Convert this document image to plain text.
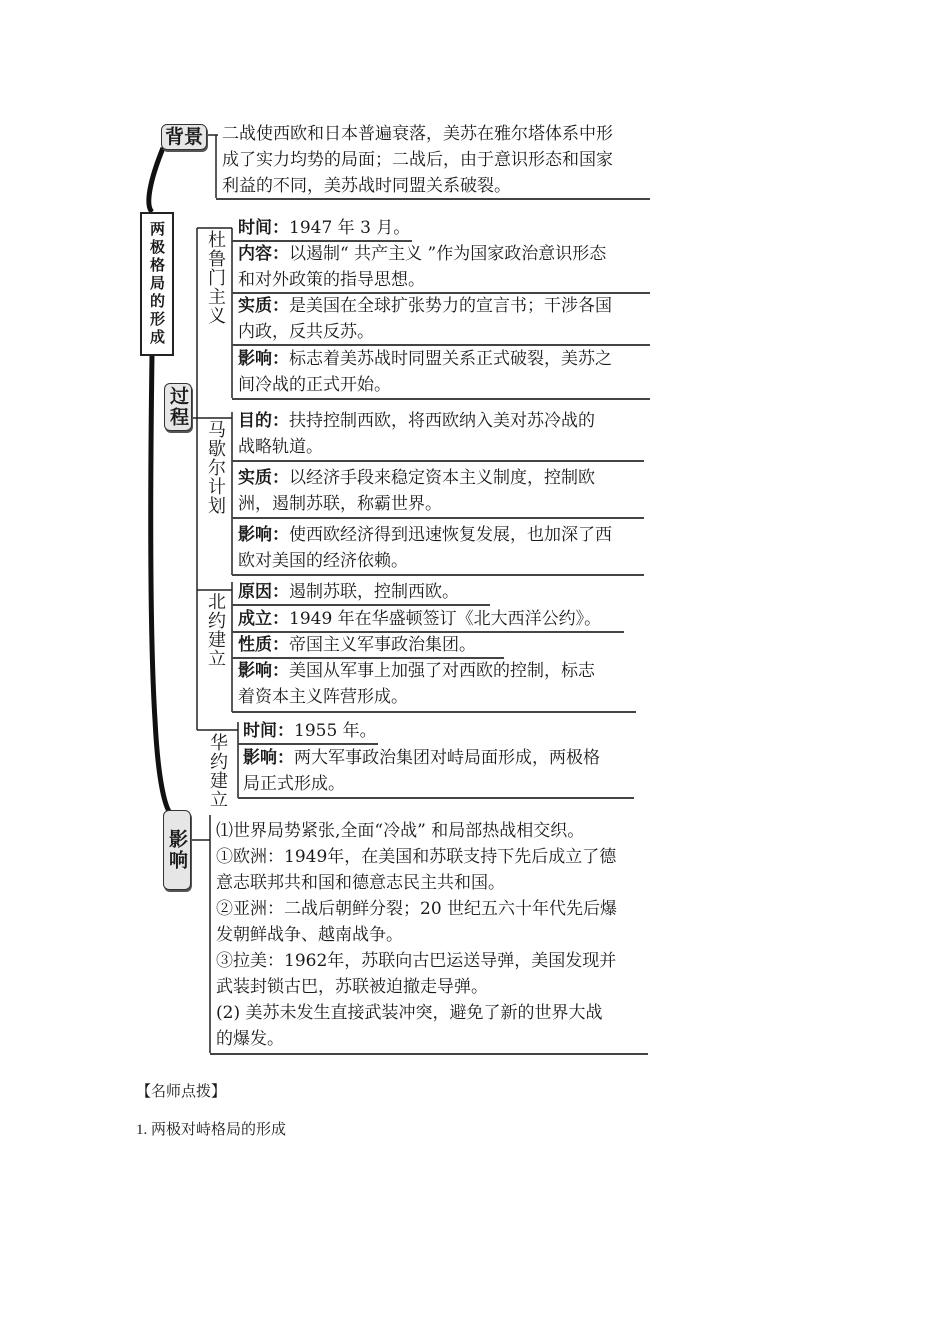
两极格局的形成
背景
过程
影响
二战使西欧和日本普遍衰落，美苏在雅尔塔体系中形
成了实力均势的局面；二战后，由于意识形态和国家
利益的不同，美苏战时同盟关系破裂。
杜鲁门主义
时间：1947 年 3 月。
内容：以遏制“ 共产主义 ”作为国家政治意识形态
和对外政策的指导思想。
实质：是美国在全球扩张势力的宣言书；干涉各国
内政，反共反苏。
影响：标志着美苏战时同盟关系正式破裂，美苏之
间冷战的正式开始。
马歇尔计划 目的：扶持控制西欧，将西欧纳入美对苏冷战的
战略轨道。
实质：以经济手段来稳定资本主义制度，控制欧
洲，遏制苏联，称霸世界。
影响：使西欧经济得到迅速恢复发展，也加深了西
欧对美国的经济依赖。
北约建立 原因：遏制苏联，控制西欧。
成立：1949 年在华盛顿签订《北大西洋公约》。
性质：帝国主义军事政治集团。
影响：美国从军事上加强了对西欧的控制，标志
着资本主义阵营形成。
华约建立
时间：1955 年。
影响：两大军事政治集团对峙局面形成，两极格
局正式形成。
⑴世界局势紧张,全面“冷战” 和局部热战相交织。
①欧洲：1949年，在美国和苏联支持下先后成立了德
意志联邦共和国和德意志民主共和国。
②亚洲：二战后朝鲜分裂；20 世纪五六十年代先后爆
发朝鲜战争、越南战争。
③拉美：1962年，苏联向古巴运送导弹，美国发现并
武装封锁古巴，苏联被迫撤走导弹。
(2) 美苏未发生直接武装冲突，避免了新的世界大战
的爆发。
【名师点拨】
1. 两极对峙格局的形成
